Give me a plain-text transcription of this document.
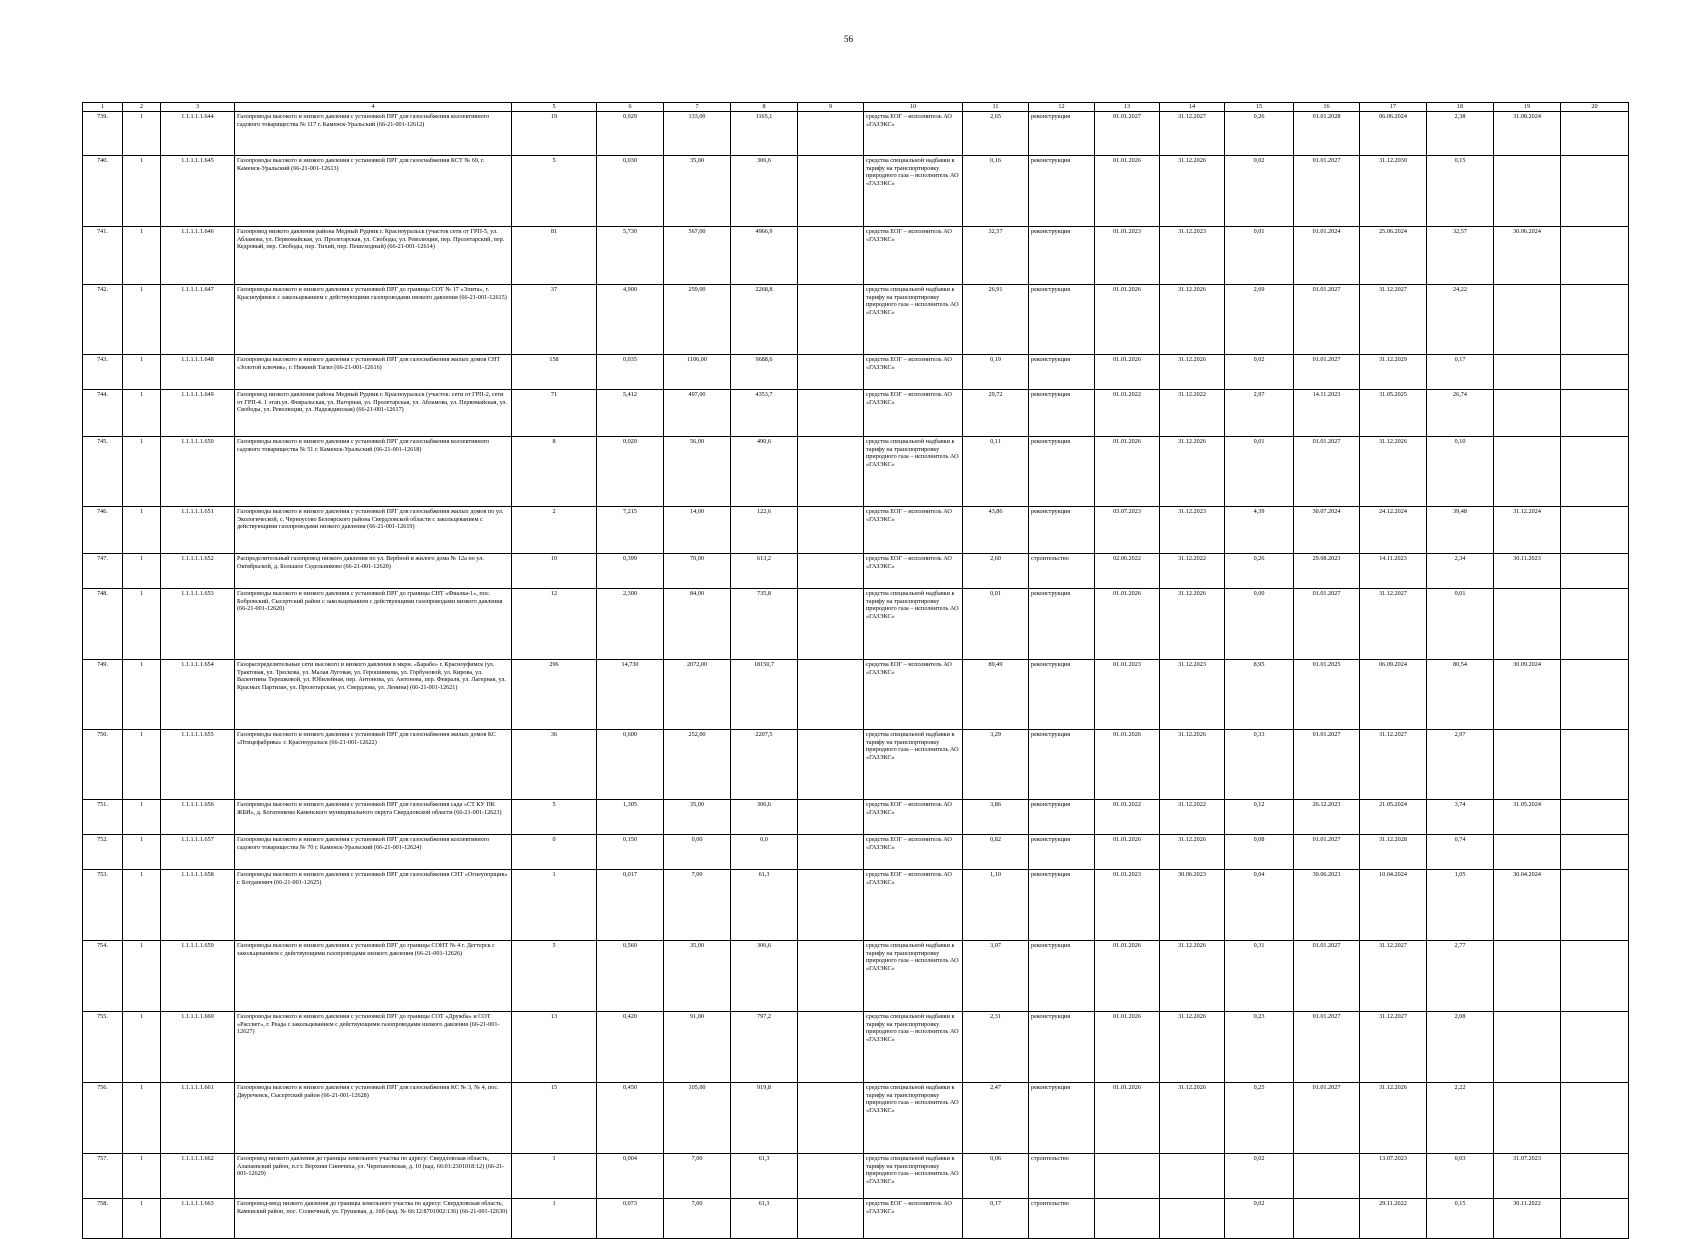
56
1	2	3	4	5	6	7	8	9	10	11	12	13	14	15	16	17	18	19	20
739.	1	1.1.1.1.1.644	Газопроводы высокого и низкого давления с установкой ПРГ для газоснабжения коллективного садового товарищества № 117 г. Каменск-Уральский (66-21-001-12612)	19	0,929	133,00	1165,1		средства ЕОГ – исполнитель АО «ГАЗЭКС»	2,65	реконструкция	01.01.2027	31.12.2027	0,26	01.01.2028	06.06.2024	2,38	31.08.2024	
740.	1	1.1.1.1.1.645	Газопроводы высокого и низкого давления с установкой ПРГ для газоснабжения КСТ № 69, г. Каменск-Уральский (66-21-001-12613)	5	0,030	35,00	306,6		средства специальной надбавки к тарифу на транспортировку природного газа – исполнитель АО «ГАЗЭКС»	0,16	реконструкция	01.01.2026	31.12.2026	0,02	01.01.2027	31.12.2030	0,15		
741.	1	1.1.1.1.1.646	Газопровод низкого давления района Медный Рудник г. Красноуральск (участок сети от ГРП-5, ул. Абламова, ул. Первомайская, ул. Пролетарская, ул. Свободы, ул. Революции, пер. Пролетарский, пер. Кедровый, пер. Свободы, пер. Тихий, пер. Пешеходный) (66-21-001-12614)	81	5,730	567,00	4966,9		средства ЕОГ – исполнитель АО «ГАЗЭКС»	32,57	реконструкция	01.01.2023	31.12.2023	0,01	01.01.2024	25.06.2024	32,57	30.06.2024	
742.	1	1.1.1.1.1.647	Газопроводы высокого и низкого давления с установкой ПРГ до границы СОТ № 17 «Элита», г. Красноуфимск с закольцеванием с действующими газопроводами низкого давления (66-21-001-12615)	37	4,900	259,00	2268,8		средства специальной надбавки к тарифу на транспортировку природного газа – исполнитель АО «ГАЗЭКС»	26,91	реконструкция	01.01.2026	31.12.2026	2,69	01.01.2027	31.12.2027	24,22		
743.	1	1.1.1.1.1.648	Газопроводы высокого и низкого давления с установкой ПРГ для газоснабжения жилых домов СНТ «Золотой ключик», г. Нижний Тагил (66-21-001-12616)	158	0,035	1106,00	9688,6		средства ЕОГ – исполнитель АО «ГАЗЭКС»	0,19	реконструкция	01.01.2026	31.12.2026	0,02	01.01.2027	31.12.2029	0,17		
744.	1	1.1.1.1.1.649	Газопровод низкого давления района Медный Рудник г. Красноуральск (участок: сети от ГРП-2, сети от ГРП-4. 1 этап.ул. Февральская, ул. Нагорная, ул. Пролетарская, ул. Абламова, ул. Первомайская, ул. Свободы, ул. Революции, ул. Надеждинская) (66-21-001-12617)	71	5,412	497,00	4353,7		средства ЕОГ – исполнитель АО «ГАЗЭКС»	29,72	реконструкция	01.01.2022	31.12.2022	2,97	14.11.2023	31.05.2025	26,74		
745.	1	1.1.1.1.1.650	Газопроводы высокого и низкого давления с установкой ПРГ для газоснабжения коллективного садового товарищества № 51 г. Каменск-Уральский (66-21-001-12618)	8	0,020	56,00	490,6		средства специальной надбавки к тарифу на транспортировку природного газа – исполнитель АО «ГАЗЭКС»	0,11	реконструкция	01.01.2026	31.12.2026	0,01	01.01.2027	31.12.2026	0,10		
746.	1	1.1.1.1.1.651	Газопроводы высокого и низкого давления с установкой ПРГ для газоснабжения жилых домов по ул. Экологической, с. Черноусово Белоярского района Свердловской области с закольцеванием с действующими газопроводами низкого давления (66-21-001-12619)	2	7,215	14,00	122,6		средства ЕОГ – исполнитель АО «ГАЗЭКС»	43,86	реконструкция	03.07.2023	31.12.2023	4,39	30.07.2024	24.12.2024	39,48	31.12.2024	
747.	1	1.1.1.1.1.652	Распределительный газопровод низкого давления по ул. Вербной и жилого дома № 12а по ул. Октябрьской, д. Большое Седельниково (66-21-001-12620)	10	0,399	70,00	613,2		средства ЕОГ – исполнитель АО «ГАЗЭКС»	2,60	строительство	02.06.2022	31.12.2022	0,26	29.08.2023	14.11.2023	2,34	30.11.2023	
748.	1	1.1.1.1.1.653	Газопроводы высокого и низкого давления с установкой ПРГ до границы СНТ «Фиалка-1», пос. Бобровский, Сысертский район с закольцеванием с действующими газопроводами низкого давления (66-21-001-12620)	12	2,300	84,00	735,8		средства специальной надбавки к тарифу на транспортировку природного газа – исполнитель АО «ГАЗЭКС»	0,01	реконструкция	01.01.2026	31.12.2026	0,00	01.01.2027	31.12.2027	0,01		
749.	1	1.1.1.1.1.654	Газораспределительные сети высокого и низкого давления в мкрн. «Барабе» г. Красноуфимск (ул. Трактовая, ул. Трескова, ул. Малая Луговая, ул. Герошникова, ул. Горбуновой, ул. Кирова, ул. Валентины Терешковой, ул. Юбилейная, пер. Антонова, ул. Антонова, пер. Февраля, ул. Лагерная, ул. Красных Партизан, ул. Пролетарская, ул. Свердлова, ул. Ленина) (66-21-001-12621)	296	14,730	2072,00	18150,7		средства ЕОГ – исполнитель АО «ГАЗЭКС»	89,49	реконструкция	01.01.2023	31.12.2023	8,95	01.01.2025	06.09.2024	80,54	30.09.2024	
750.	1	1.1.1.1.1.655	Газопроводы высокого и низкого давления с установкой ПРГ для газоснабжения жилых домов КС «Птицефабрика» г. Красноуральск (66-21-001-12622)	36	0,600	252,00	2207,5		средства специальной надбавки к тарифу на транспортировку природного газа – исполнитель АО «ГАЗЭКС»	3,29	реконструкция	01.01.2026	31.12.2026	0,33	01.01.2027	31.12.2027	2,97		
751.	1	1.1.1.1.1.656	Газопроводы высокого и низкого давления с установкой ПРГ для газоснабжения сада «СТ КУ ПК ЖБИ», д. Богатенкова Каменского муниципального округа Свердловской области (66-21-001-12623)	5	1,305	35,00	306,6		средства ЕОГ – исполнитель АО «ГАЗЭКС»	3,86	реконструкция	01.01.2022	31.12.2022	0,12	26.12.2023	21.05.2024	3,74	31.05.2024	
752.	1	1.1.1.1.1.657	Газопроводы высокого и низкого давления с установкой ПРГ для газоснабжения коллективного садового товарищества № 70 г. Каменск-Уральский (66-21-001-12624)	0	0,150	0,00	0,0		средства ЕОГ – исполнитель АО «ГАЗЭКС»	0,82	реконструкция	01.01.2026	31.12.2026	0,08	01.01.2027	31.12.2028	0,74		
753.	1	1.1.1.1.1.658	Газопроводы высокого и низкого давления с установкой ПРГ для газоснабжения СНТ «Огнеупорщик» г. Богданович (66-21-001-12625)	1	0,017	7,00	61,3		средства ЕОГ – исполнитель АО «ГАЗЭКС»	1,10	реконструкция	01.01.2023	30.06.2023	0,04	30.06.2023	10.04.2024	1,05	30.04.2024	
754.	1	1.1.1.1.1.659	Газопроводы высокого и низкого давления с установкой ПРГ до границы СОНТ № 4 г. Дегтерск с закольцеванием с действующими газопроводами низкого давления (66-21-001-12626)	5	0,560	35,00	306,6		средства специальной надбавки к тарифу на транспортировку природного газа – исполнитель АО «ГАЗЭКС»	3,07	реконструкция	01.01.2026	31.12.2026	0,31	01.01.2027	31.12.2027	2,77		
755.	1	1.1.1.1.1.660	Газопроводы высокого и низкого давления с установкой ПРГ до границы СОТ «Дружба» и СОТ «Рассвет», г. Реада с закольцеванием с действующими газопроводами низкого давления (66-21-001-12627)	13	0,420	91,00	797,2		средства специальной надбавки к тарифу на транспортировку природного газа – исполнитель АО «ГАЗЭКС»	2,31	реконструкция	01.01.2026	31.12.2026	0,23	01.01.2027	31.12.2027	2,08		
756.	1	1.1.1.1.1.661	Газопроводы высокого и низкого давления с установкой ПРГ для газоснабжения КС № 3, № 4, пос. Двуреченск, Сысертский район (66-21-001-12628)	15	0,450	105,00	919,8		средства специальной надбавки к тарифу на транспортировку природного газа – исполнитель АО «ГАЗЭКС»	2,47	реконструкция	01.01.2026	31.12.2026	0,25	01.01.2027	31.12.2026	2,22		
757.	1	1.1.1.1.1.662	Газопровод низкого давления до границы земельного участка по адресу: Свердловская область, Алапаевский район, п.г.т. Верхняя Синячиха, ул. Черепановская, д. 10 (кад. 66:01:2301018:12) (66-21-001-12629)	1	0,004	7,00	61,3		средства специальной надбавки к тарифу на транспортировку природного газа – исполнитель АО «ГАЗЭКС»	0,06	строительство			0,02		13.07.2023	0,03	31.07.2023	
758.	1	1.1.1.1.1.663	Газопровод-ввод низкого давления до границы земельного участка по адресу: Свердловская область, Каменский район, пос. Солнечный, ул. Грушевая, д. 16б (кад. № 66:12:8701002:136) (66-21-001-12630)	1	0,073	7,00	61,3		средства ЕОГ – исполнитель АО «ГАЗЭКС»	0,17	строительство			0,02		29.11.2022	0,15	30.11.2022	
